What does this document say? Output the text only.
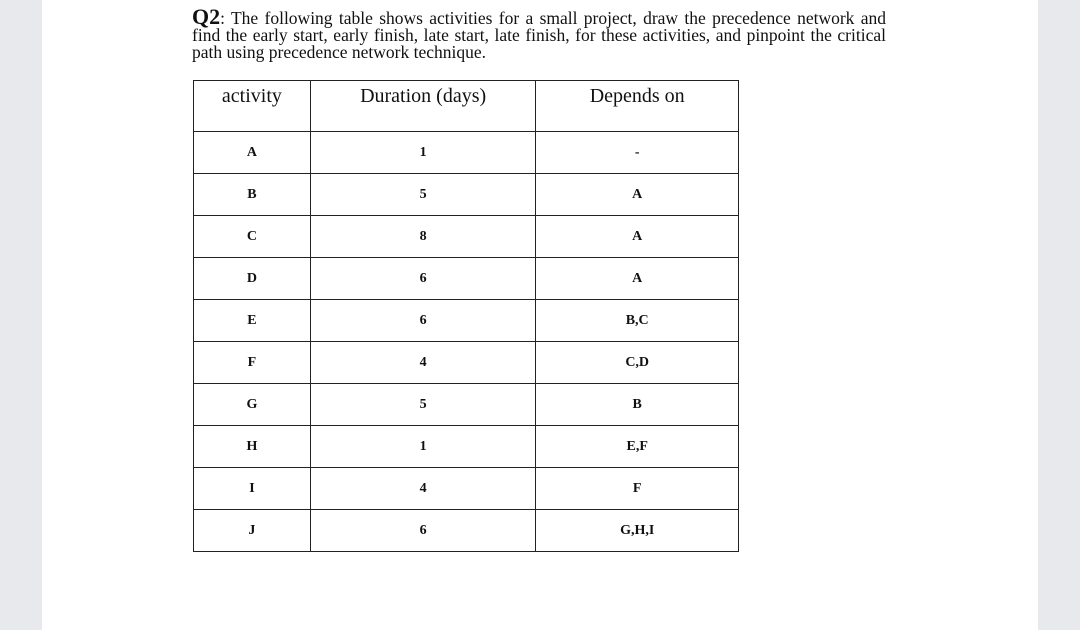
Q2: The following table shows activities for a small project, draw the precedence network and find the early start, early finish, late start, late finish, for these activities, and pinpoint the critical path using precedence network technique.

activity	Duration (days)	Depends on
A	1	-
B	5	A
C	8	A
D	6	A
E	6	B,C
F	4	C,D
G	5	B
H	1	E,F
I	4	F
J	6	G,H,I
